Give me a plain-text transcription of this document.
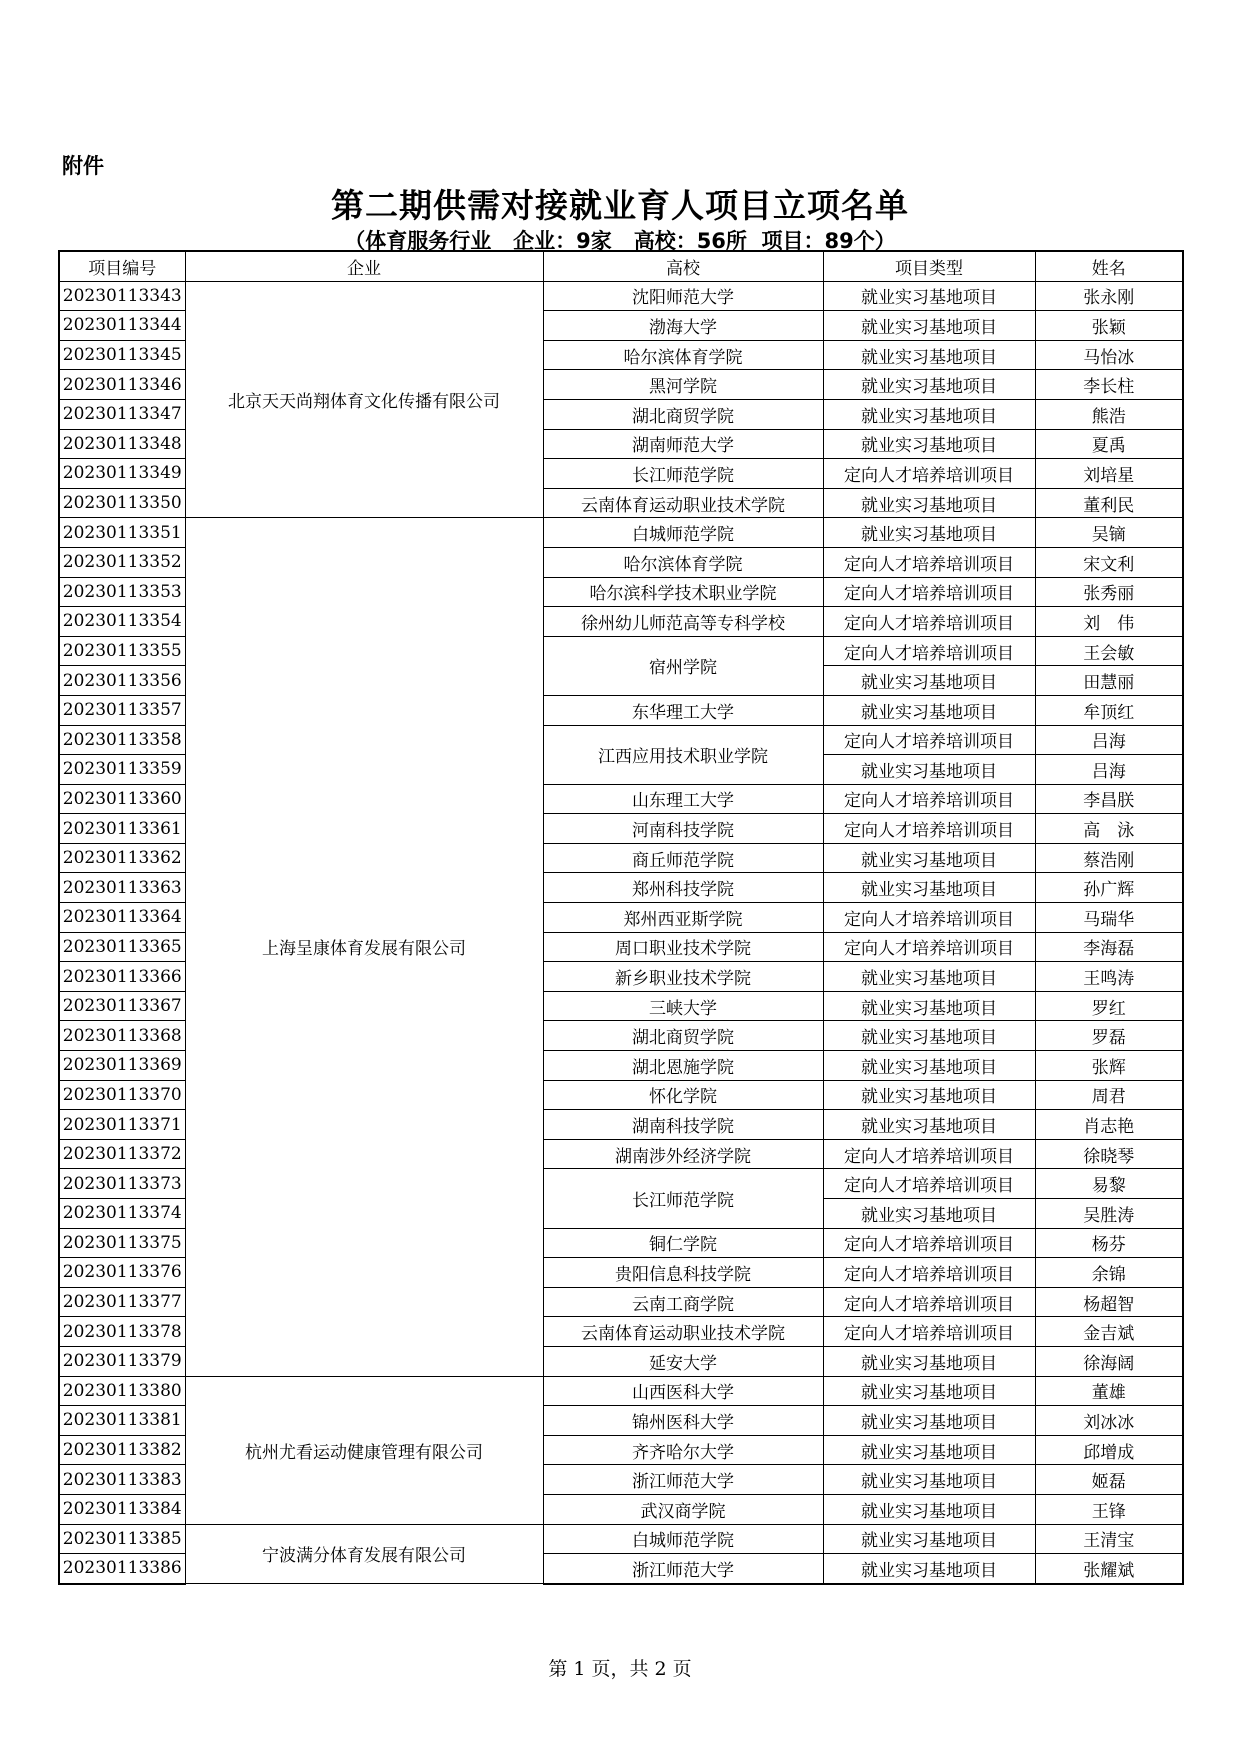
附件
第二期供需对接就业育人项目立项名单
（体育服务行业   企业：9家   高校：56所  项目：89个）
项目编号	企业	高校	项目类型	姓名
20230113343	北京天天尚翔体育文化传播有限公司	沈阳师范大学	就业实习基地项目	张永刚
20230113344		渤海大学	就业实习基地项目	张颖
20230113345		哈尔滨体育学院	就业实习基地项目	马怡冰
20230113346		黑河学院	就业实习基地项目	李长柱
20230113347		湖北商贸学院	就业实习基地项目	熊浩
20230113348		湖南师范大学	就业实习基地项目	夏禹
20230113349		长江师范学院	定向人才培养培训项目	刘培星
20230113350		云南体育运动职业技术学院	就业实习基地项目	董利民
20230113351	上海呈康体育发展有限公司	白城师范学院	就业实习基地项目	吴镝
20230113352		哈尔滨体育学院	定向人才培养培训项目	宋文利
20230113353		哈尔滨科学技术职业学院	定向人才培养培训项目	张秀丽
20230113354		徐州幼儿师范高等专科学校	定向人才培养培训项目	刘　伟
20230113355		宿州学院	定向人才培养培训项目	王会敏
20230113356			就业实习基地项目	田慧丽
20230113357		东华理工大学	就业实习基地项目	牟顶红
20230113358		江西应用技术职业学院	定向人才培养培训项目	吕海
20230113359			就业实习基地项目	吕海
20230113360		山东理工大学	定向人才培养培训项目	李昌朕
20230113361		河南科技学院	定向人才培养培训项目	高　泳
20230113362		商丘师范学院	就业实习基地项目	蔡浩刚
20230113363		郑州科技学院	就业实习基地项目	孙广辉
20230113364		郑州西亚斯学院	定向人才培养培训项目	马瑞华
20230113365		周口职业技术学院	定向人才培养培训项目	李海磊
20230113366		新乡职业技术学院	就业实习基地项目	王鸣涛
20230113367		三峡大学	就业实习基地项目	罗红
20230113368		湖北商贸学院	就业实习基地项目	罗磊
20230113369		湖北恩施学院	就业实习基地项目	张辉
20230113370		怀化学院	就业实习基地项目	周君
20230113371		湖南科技学院	就业实习基地项目	肖志艳
20230113372		湖南涉外经济学院	定向人才培养培训项目	徐晓琴
20230113373		长江师范学院	定向人才培养培训项目	易黎
20230113374			就业实习基地项目	吴胜涛
20230113375		铜仁学院	定向人才培养培训项目	杨芬
20230113376		贵阳信息科技学院	定向人才培养培训项目	余锦
20230113377		云南工商学院	定向人才培养培训项目	杨超智
20230113378		云南体育运动职业技术学院	定向人才培养培训项目	金吉斌
20230113379		延安大学	就业实习基地项目	徐海阔
20230113380	杭州尤看运动健康管理有限公司	山西医科大学	就业实习基地项目	董雄
20230113381		锦州医科大学	就业实习基地项目	刘冰冰
20230113382		齐齐哈尔大学	就业实习基地项目	邱增成
20230113383		浙江师范大学	就业实习基地项目	姬磊
20230113384		武汉商学院	就业实习基地项目	王锋
20230113385	宁波满分体育发展有限公司	白城师范学院	就业实习基地项目	王清宝
20230113386		浙江师范大学	就业实习基地项目	张耀斌
第 1 页，共 2 页
